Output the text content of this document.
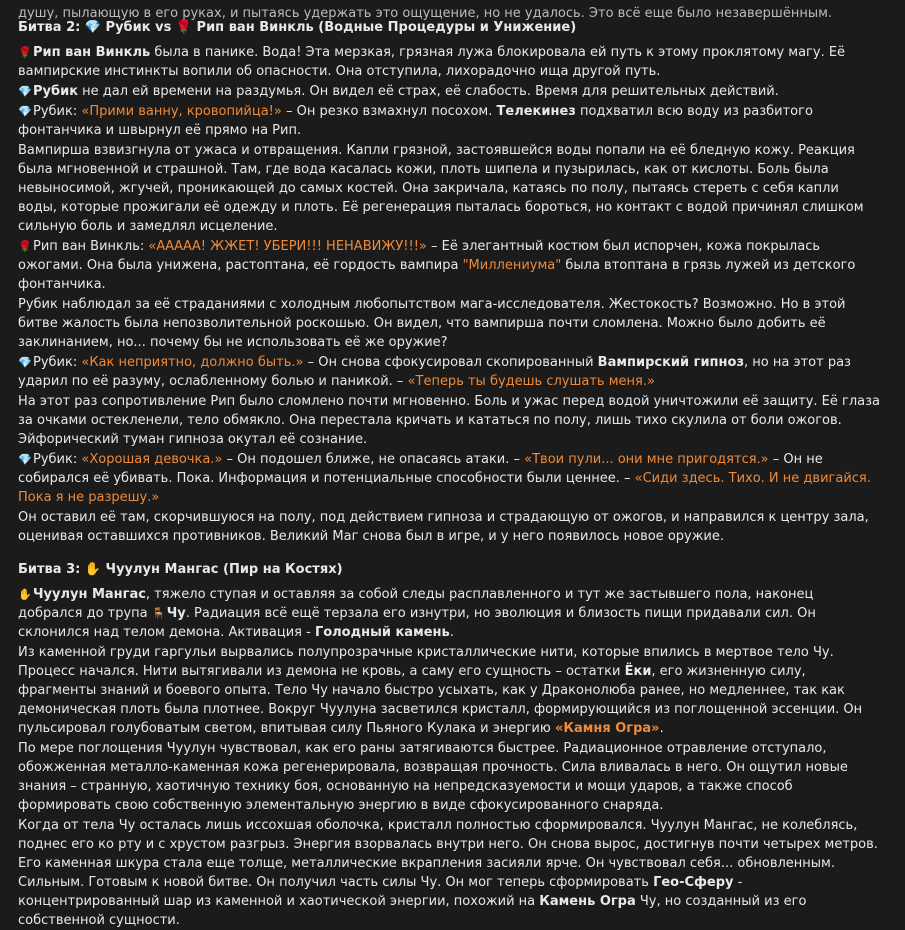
душу, пылающую в его руках, и пытаясь удержать это ощущение, но не удалось. Это всё еще было незавершённым.
Битва 2: 💎 Рубик vs 🌹 Рип ван Винкль (Водные Процедуры и Унижение)
🌹Рип ван Винкль была в панике. Вода! Эта мерзкая, грязная лужа блокировала ей путь к этому проклятому магу. Её вампирские инстинкты вопили об опасности. Она отступила, лихорадочно ища другой путь.
💎Рубик не дал ей времени на раздумья. Он видел её страх, её слабость. Время для решительных действий.
💎Рубик: «Прими ванну, кровопийца!» – Он резко взмахнул посохом. Телекинез подхватил всю воду из разбитого фонтанчика и швырнул её прямо на Рип.
Вампирша взвизгнула от ужаса и отвращения. Капли грязной, застоявшейся воды попали на её бледную кожу. Реакция была мгновенной и страшной. Там, где вода касалась кожи, плоть шипела и пузырилась, как от кислоты. Боль была невыносимой, жгучей, проникающей до самых костей. Она закричала, катаясь по полу, пытаясь стереть с себя капли воды, которые прожигали её одежду и плоть. Её регенерация пыталась бороться, но контакт с водой причинял слишком сильную боль и замедлял исцеление.
🌹Рип ван Винкль: «ААААА! ЖЖЕТ! УБЕРИ!!! НЕНАВИЖУ!!!» – Её элегантный костюм был испорчен, кожа покрылась ожогами. Она была унижена, растоптана, её гордость вампира "Миллениума" была втоптана в грязь лужей из детского фонтанчика.
Рубик наблюдал за её страданиями с холодным любопытством мага-исследователя. Жестокость? Возможно. Но в этой битве жалость была непозволительной роскошью. Он видел, что вампирша почти сломлена. Можно было добить её заклинанием, но... почему бы не использовать её же оружие?
💎Рубик: «Как неприятно, должно быть.» – Он снова сфокусировал скопированный Вампирский гипноз, но на этот раз ударил по её разуму, ослабленному болью и паникой. – «Теперь ты будешь слушать меня.»
На этот раз сопротивление Рип было сломлено почти мгновенно. Боль и ужас перед водой уничтожили её защиту. Её глаза за очками остекленели, тело обмякло. Она перестала кричать и кататься по полу, лишь тихо скулила от боли ожогов. Эйфорический туман гипноза окутал её сознание.
💎Рубик: «Хорошая девочка.» – Он подошел ближе, не опасаясь атаки. – «Твои пули... они мне пригодятся.» – Он не собирался её убивать. Пока. Информация и потенциальные способности были ценнее. – «Сиди здесь. Тихо. И не двигайся. Пока я не разрешу.»
Он оставил её там, скорчившуюся на полу, под действием гипноза и страдающую от ожогов, и направился к центру зала, оценивая оставшихся противников. Великий Маг снова был в игре, и у него появилось новое оружие.
Битва 3: ✋ Чуулун Мангас (Пир на Костях)
✋Чуулун Мангас, тяжело ступая и оставляя за собой следы расплавленного и тут же застывшего пола, наконец добрался до трупа 🪑Чу. Радиация всё ещё терзала его изнутри, но эволюция и близость пищи придавали сил. Он склонился над телом демона. Активация - Голодный камень.
Из каменной груди гаргульи вырвались полупрозрачные кристаллические нити, которые впились в мертвое тело Чу. Процесс начался. Нити вытягивали из демона не кровь, а саму его сущность – остатки Ёки, его жизненную силу, фрагменты знаний и боевого опыта. Тело Чу начало быстро усыхать, как у Драконолюба ранее, но медленнее, так как демоническая плоть была плотнее. Вокруг Чуулуна засветился кристалл, формирующийся из поглощенной эссенции. Он пульсировал голубоватым светом, впитывая силу Пьяного Кулака и энергию «Камня Огра».
По мере поглощения Чуулун чувствовал, как его раны затягиваются быстрее. Радиационное отравление отступало, обожженная металло-каменная кожа регенерировала, возвращая прочность. Сила вливалась в него. Он ощутил новые знания – странную, хаотичную технику боя, основанную на непредсказуемости и мощи ударов, а также способ формировать свою собственную элементальную энергию в виде сфокусированного снаряда.
Когда от тела Чу осталась лишь иссохшая оболочка, кристалл полностью сформировался. Чуулун Мангас, не колеблясь, поднес его ко рту и с хрустом разгрыз. Энергия взорвалась внутри него. Он снова вырос, достигнув почти четырех метров. Его каменная шкура стала еще толще, металлические вкрапления засияли ярче. Он чувствовал себя... обновленным. Сильным. Готовым к новой битве. Он получил часть силы Чу. Он мог теперь сформировать Гео-Сферу - концентрированный шар из каменной и хаотической энергии, похожий на Камень Огра Чу, но созданный из его собственной сущности.
